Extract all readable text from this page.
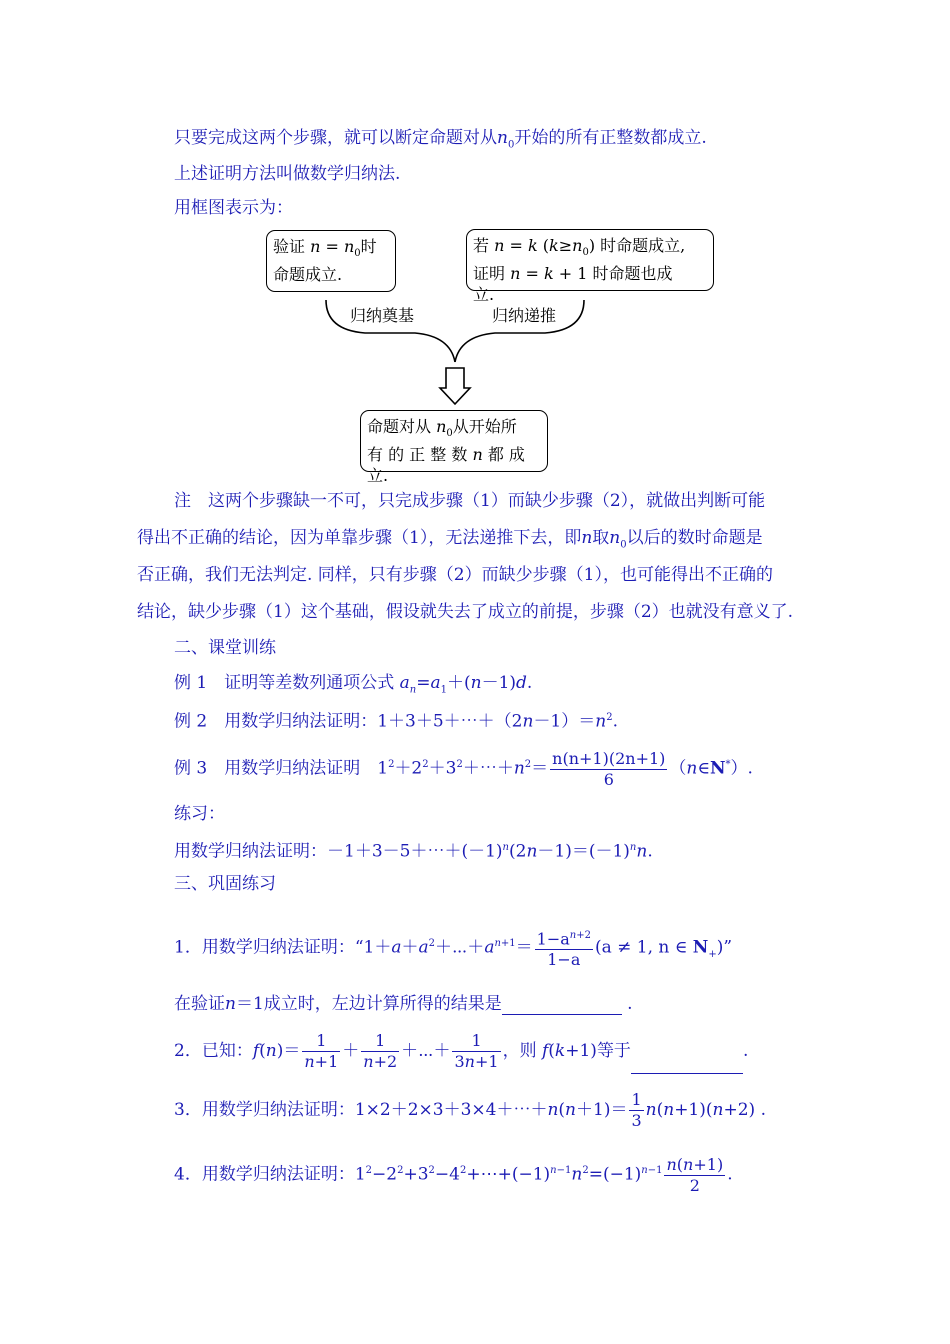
只要完成这两个步骤，就可以断定命题对从$n_0$开始的所有正整数都成立.
上述证明方法叫做数学归纳法.
用框图表示为：
验证 $n = n_0$时
命题成立.
若 n = k $(k\ge n_0)$ 时命题成立,
证明 n = k + 1 时命题也成
立.
归纳奠基	归纳递推
命题对从 $n_0$从开始所
有 的 正 整 数 n 都 成
立.
注　这两个步骤缺一不可，只完成步骤（1）而缺少步骤（2），就做出判断可能
得出不正确的结论，因为单靠步骤（1），无法递推下去，即n取$n_0$以后的数时命题是
否正确，我们无法判定. 同样，只有步骤（2）而缺少步骤（1），也可能得出不正确的
结论，缺少步骤（1）这个基础，假设就失去了成立的前提，步骤（2）也就没有意义了.
二、课堂训练
例 1　证明等差数列通项公式 $a_n=a_1+(n-1)d$.
例 2　用数学归纳法证明：$1+3+5+\cdots+(2n-1)=n^2$.
例 3　用数学归纳法证明　$1^2+2^2+3^2+\cdots+n^2= \frac{n(n+1)(2n+1)}{6}$ （n∈N*）.
练习：
用数学归纳法证明：$-1+3-5+\cdots+(-1)^n(2n-1)=(-1)^nn$.
三、巩固练习
1．用数学归纳法证明：“$1+a+a^2+\cdots+a^{n+1}= \frac{1-a^{n+2}}{1-a} (a \ne 1$, n ∈ $N_+$)”
在验证n＝1成立时，左边计算所得的结果是	.
2．已知：$f(n)= \frac{1}{n+1} + \frac{1}{n+2}$ ＋⋯＋ $\frac{1}{3n+1}$ ，则 f(k+1)等于	.
3．用数学归纳法证明：1×2＋2×3＋3×4＋⋯＋n(n＋1)＝ $\frac{1}{3} n(n+1)(n+2)$ .
4．用数学归纳法证明：$1^2-2^2+3^2-4^2+\cdots+(-1)^{n-1}n^2=(-1)^{n-1} \frac{n(n+1)}{2}$ .
